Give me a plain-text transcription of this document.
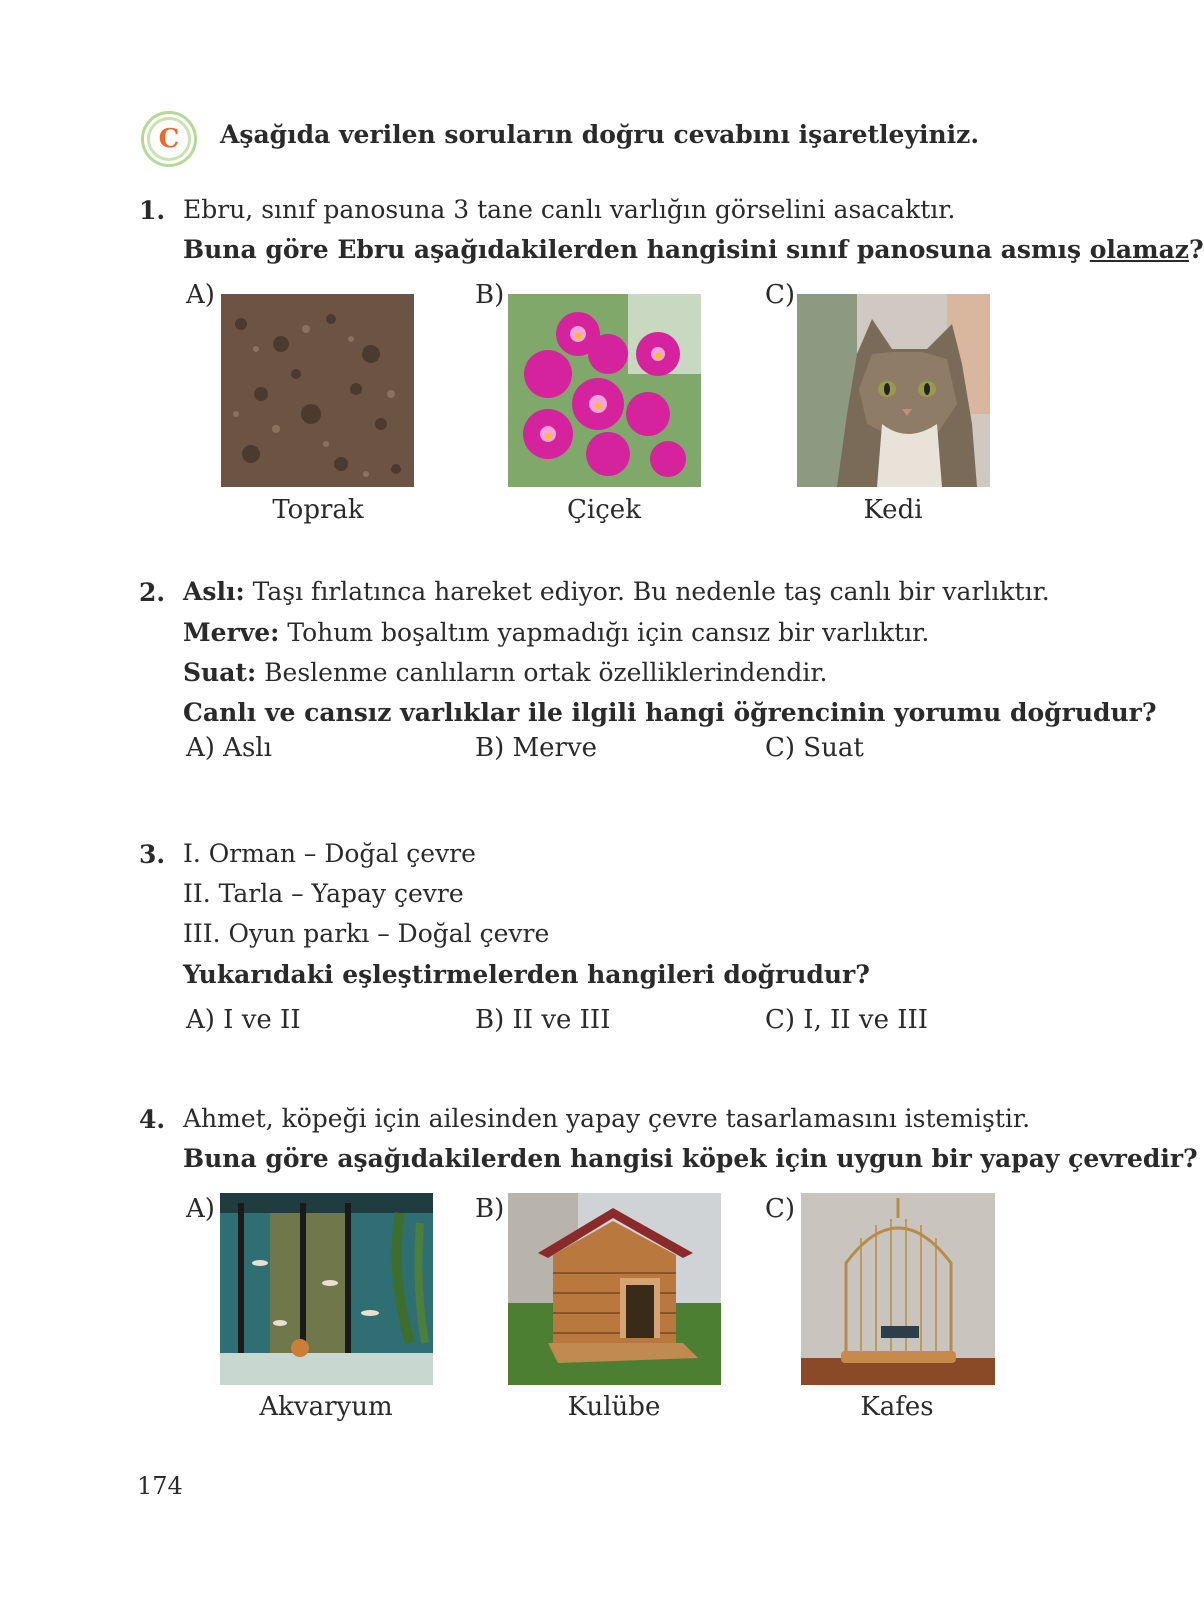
C	Aşağıda verilen soruların doğru cevabını işaretleyiniz.
1. Ebru, sınıf panosuna 3 tane canlı varlığın görselini asacaktır.
Buna göre Ebru aşağıdakilerden hangisini sınıf panosuna asmış olamaz?
A)
Toprak
B)
Çiçek
C)
Kedi
2. Aslı: Taşı fırlatınca hareket ediyor. Bu nedenle taş canlı bir varlıktır.
Merve: Tohum boşaltım yapmadığı için cansız bir varlıktır.
Suat: Beslenme canlıların ortak özelliklerindendir.
Canlı ve cansız varlıklar ile ilgili hangi öğrencinin yorumu doğrudur?
A) Aslı	B) Merve	C) Suat
3. I. Orman – Doğal çevre
II. Tarla – Yapay çevre
III. Oyun parkı – Doğal çevre
Yukarıdaki eşleştirmelerden hangileri doğrudur?
A) I ve II	B) II ve III	C) I, II ve III
4. Ahmet, köpeği için ailesinden yapay çevre tasarlamasını istemiştir.
Buna göre aşağıdakilerden hangisi köpek için uygun bir yapay çevredir?
A)
Akvaryum
B)
Kulübe
C)
Kafes
174
